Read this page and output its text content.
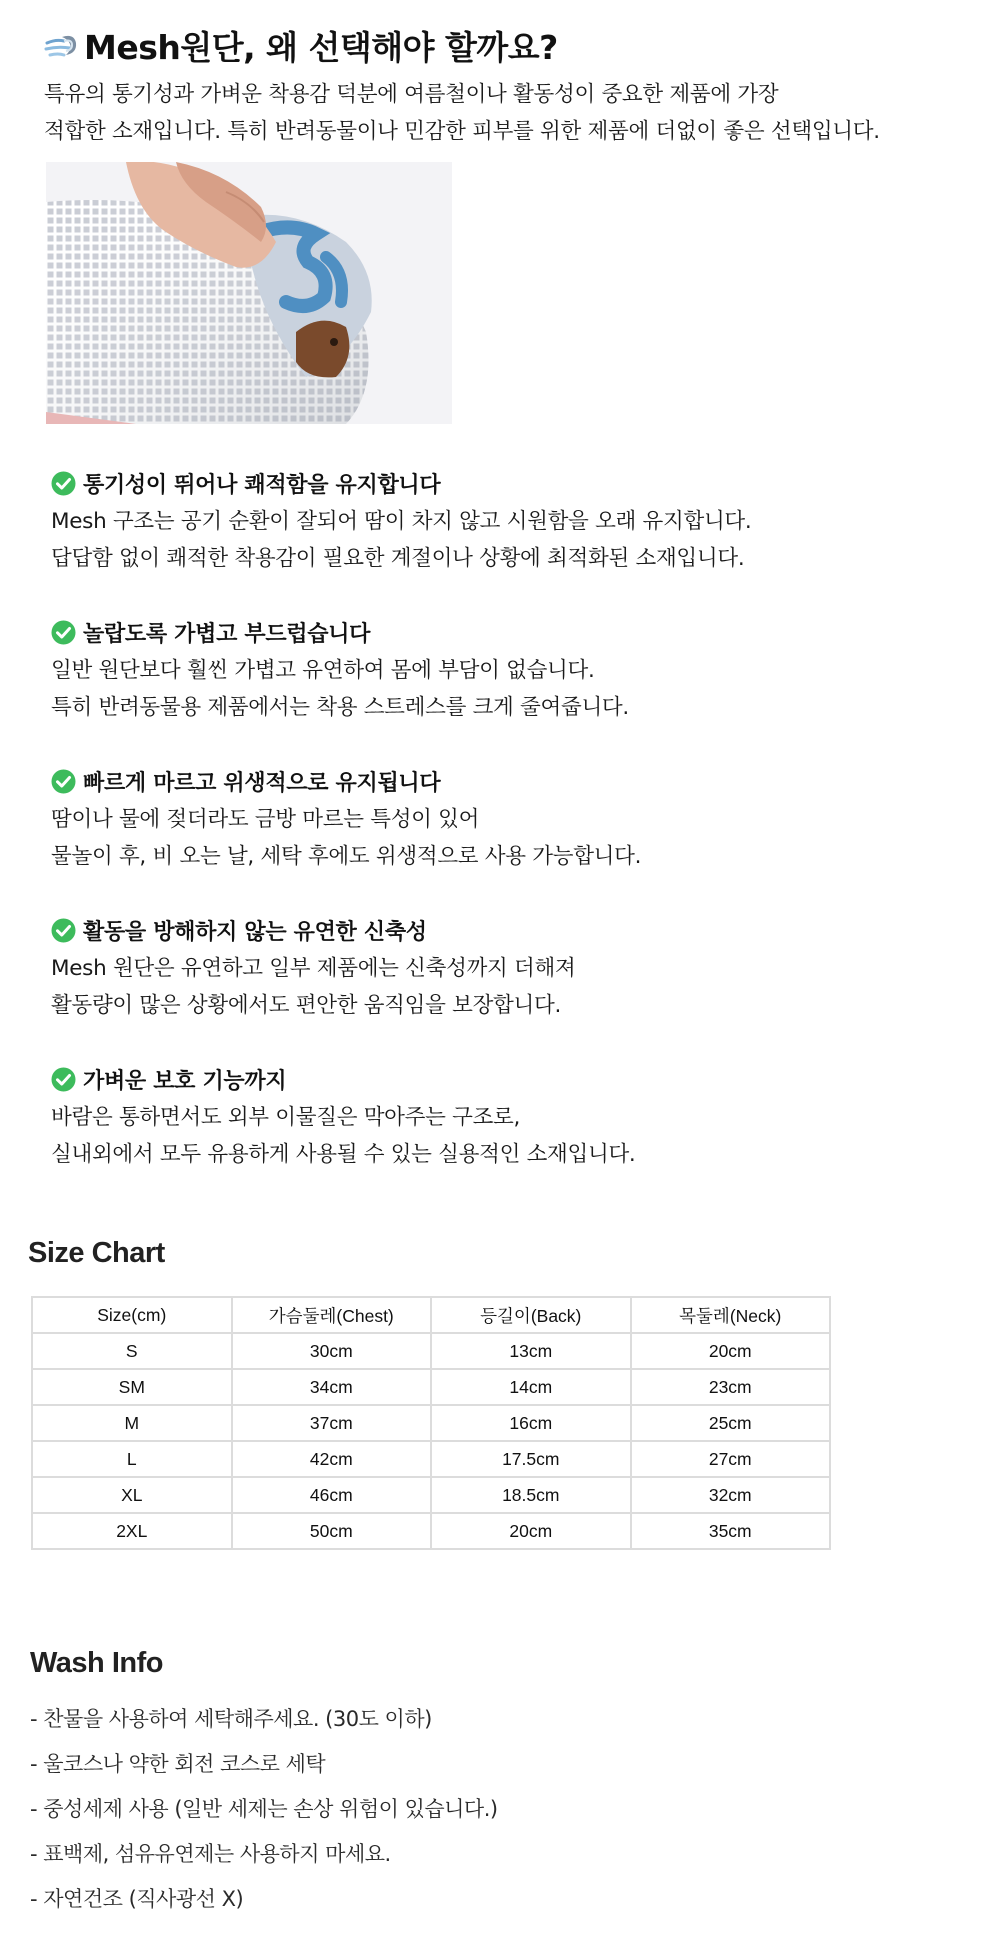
Mesh원단, 왜 선택해야 할까요?

특유의 통기성과 가벼운 착용감 덕분에 여름철이나 활동성이 중요한 제품에 가장

적합한 소재입니다. 특히 반려동물이나 민감한 피부를 위한 제품에 더없이 좋은 선택입니다.

통기성이 뛰어나 쾌적함을 유지합니다

Mesh 구조는 공기 순환이 잘되어 땀이 차지 않고 시원함을 오래 유지합니다.

답답함 없이 쾌적한 착용감이 필요한 계절이나 상황에 최적화된 소재입니다.

놀랍도록 가볍고 부드럽습니다

일반 원단보다 훨씬 가볍고 유연하여 몸에 부담이 없습니다.

특히 반려동물용 제품에서는 착용 스트레스를 크게 줄여줍니다.

빠르게 마르고 위생적으로 유지됩니다

땀이나 물에 젖더라도 금방 마르는 특성이 있어

물놀이 후, 비 오는 날, 세탁 후에도 위생적으로 사용 가능합니다.

활동을 방해하지 않는 유연한 신축성

Mesh 원단은 유연하고 일부 제품에는 신축성까지 더해져

활동량이 많은 상황에서도 편안한 움직임을 보장합니다.

가벼운 보호 기능까지

바람은 통하면서도 외부 이물질은 막아주는 구조로,

실내외에서 모두 유용하게 사용될 수 있는 실용적인 소재입니다.

Size Chart
Size(cm)	가슴둘레(Chest)	등길이(Back)	목둘레(Neck)
S	30cm	13cm	20cm
SM	34cm	14cm	23cm
M	37cm	16cm	25cm
L	42cm	17.5cm	27cm
XL	46cm	18.5cm	32cm
2XL	50cm	20cm	35cm
Wash Info
- 찬물을 사용하여 세탁해주세요. (30도 이하)
- 울코스나 약한 회전 코스로 세탁
- 중성세제 사용 (일반 세제는 손상 위험이 있습니다.)
- 표백제, 섬유유연제는 사용하지 마세요.
- 자연건조 (직사광선 X)
